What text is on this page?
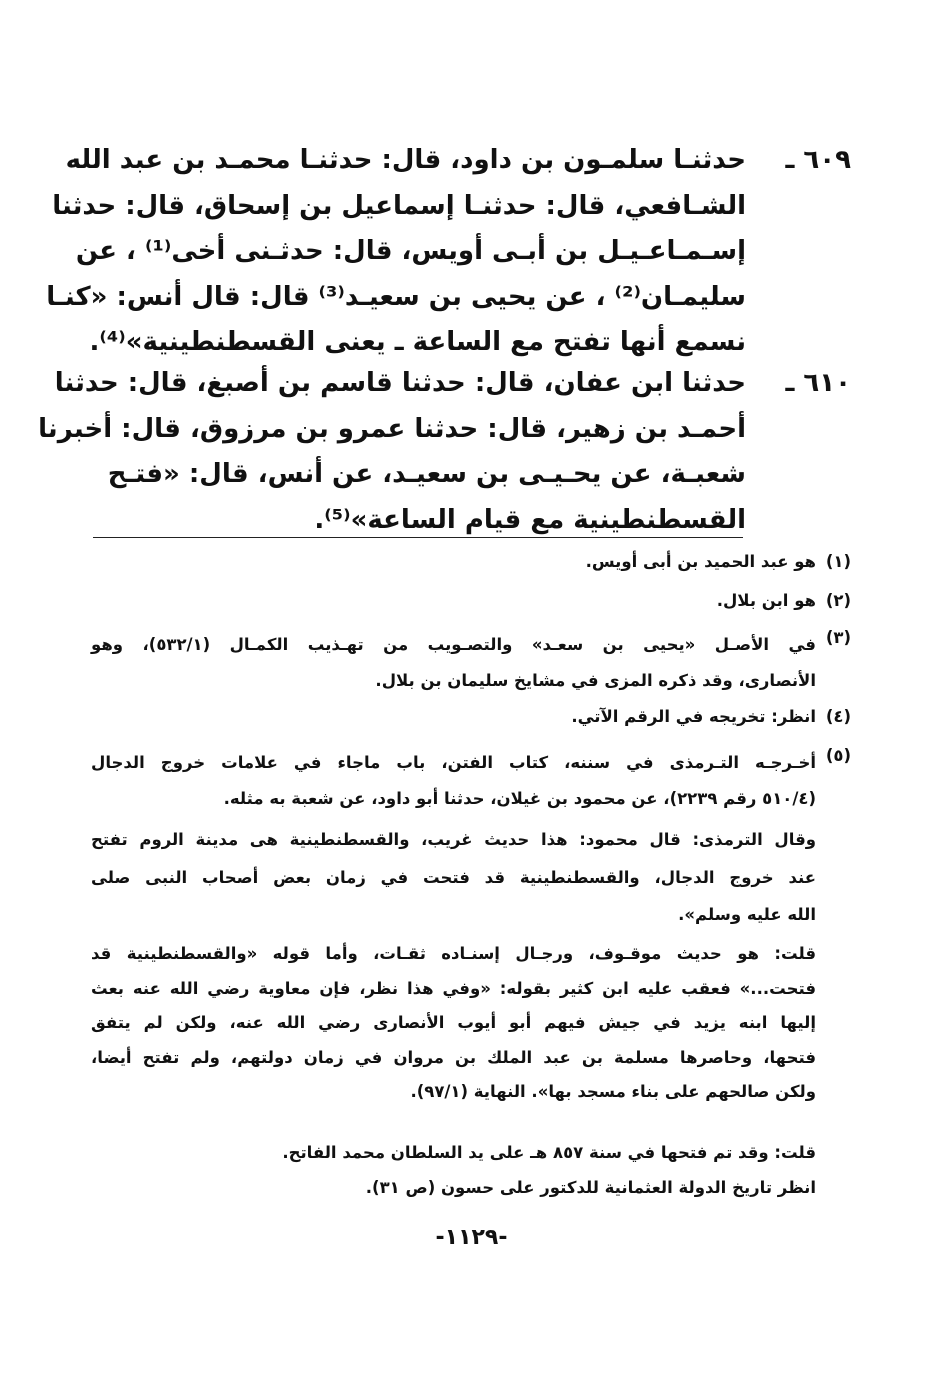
٦٠٩ ـ
حدثنـا سلمـون بن داود، قال: حدثنـا محمـد بن عبد الله
الشـافعي، قال: حدثنـا إسماعيل بن إسحاق، قال: حدثنا
إسـمـاعـيـل بن أبـى أويس، قال: حدثـنى أخى⁽¹⁾ ، عن
سليمـان⁽²⁾ ، عن يحيى بن سعيـد⁽³⁾ قال: قال أنس: «كنـا
نسمع أنها تفتح مع الساعة ـ يعنى القسطنطينية»⁽⁴⁾.
٦١٠ ـ
حدثنا ابن عفان، قال: حدثنا قاسم بن أصبغ، قال: حدثنا
أحمـد بن زهير، قال: حدثنا عمرو بن مرزوق، قال: أخبرنا
شعبـة، عن يحـيـى بن سعيـد، عن أنس، قال: «فتـح
القسطنطينية مع قيام الساعة»⁽⁵⁾.
(١)
هو عبد الحميد بن أبى أويس.
(٢)
هو ابن بلال.
(٣)
في الأصـل «يحيى بن سعـد» والتصـويب من تهـذيب الكمـال (٥٣٢/١)، وهو
الأنصارى، وقد ذكره المزى في مشايخ سليمان بن بلال.
(٤)
انظر: تخريجه في الرقم الآتي.
(٥)
أخـرجـه التـرمذى في سننه، كتاب الفتن، باب ماجاء في علامات خروج الدجال
(٥١٠/٤ رقم ٢٢٣٩)، عن محمود بن غيلان، حدثنا أبو داود، عن شعبة به مثله.
وقال الترمذى: قال محمود: هذا حديث غريب، والقسطنطينية هى مدينة الروم تفتح
عند خروج الدجال، والقسطنطينية قد فتحت في زمان بعض أصحاب النبى صلى
الله عليه وسلم».
قلت: هو حديث موقـوف، ورجـال إسنـاده ثقـات، وأما قوله «والقسطنطينية قد
فتحت...» فعقب عليه ابن كثير بقوله: «وفي هذا نظر، فإن معاوية رضي الله عنه بعث
إليها ابنه يزيد في جيش فيهم أبو أيوب الأنصارى رضي الله عنه، ولكن لم يتفق
فتحها، وحاصرها مسلمة بن عبد الملك بن مروان في زمان دولتهم، ولم تفتح أيضا،
ولكن صالحهم على بناء مسجد بها». النهاية (٩٧/١).
قلت: وقد تم فتحها في سنة ٨٥٧ هـ على يد السلطان محمد الفاتح.
انظر تاريخ الدولة العثمانية للدكتور على حسون (ص ٣١).
-١١٢٩-
